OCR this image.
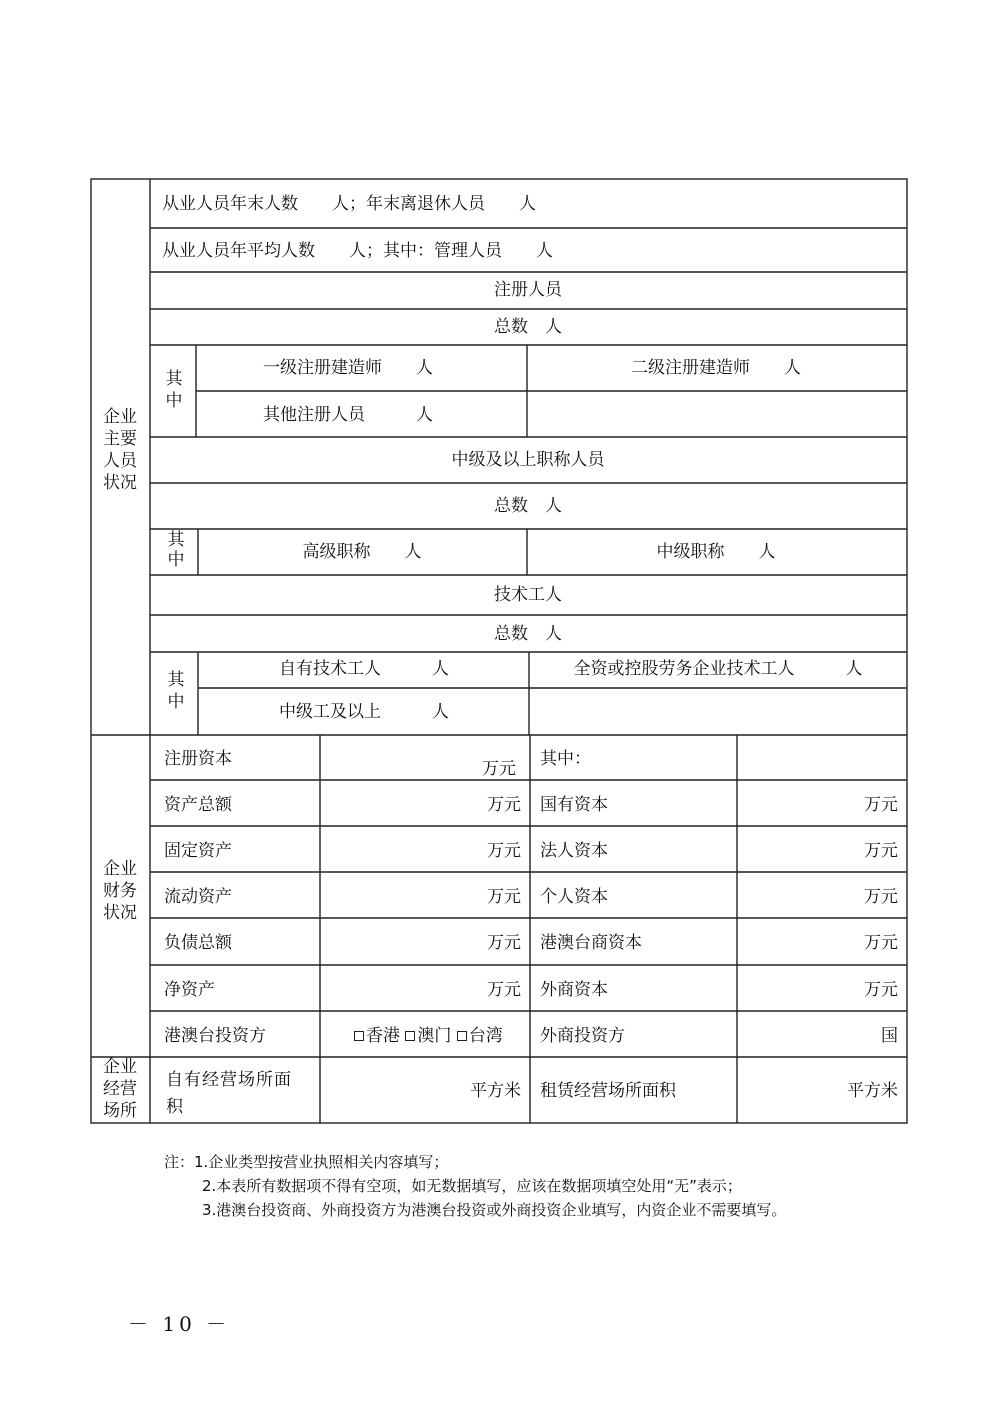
企业
主要
人员
状况
企业
财务
状况
企业
经营
场所
从业人员年末人数　　人；年末离退休人员　　人
从业人员年平均人数　　人；其中：管理人员　　人
注册人员
总数　人
其
中
一级注册建造师　　人	二级注册建造师　　人
其他注册人员　　　人
中级及以上职称人员
总数　人
其
中	高级职称　　人	中级职称　　人
技术工人
总数　人
其
中
自有技术工人　　　人	全资或控股劳务企业技术工人　　　人
中级工及以上　　　人
注册资本	万元 其中：
资产总额	万元 国有资本	万元
固定资产	万元 法人资本	万元
流动资产	万元 个人资本	万元
负债总额	万元 港澳台商资本	万元
净资产	万元 外商资本	万元
港澳台投资方	香港 澳门 台湾 外商投资方	国
自有经营场所面
积
平方米 租赁经营场所面积	平方米
注：1.企业类型按营业执照相关内容填写；
2.本表所有数据项不得有空项，如无数据填写，应该在数据项填空处用“无”表示；
3.港澳台投资商、外商投资方为港澳台投资或外商投资企业填写，内资企业不需要填写。
－ 10 －
